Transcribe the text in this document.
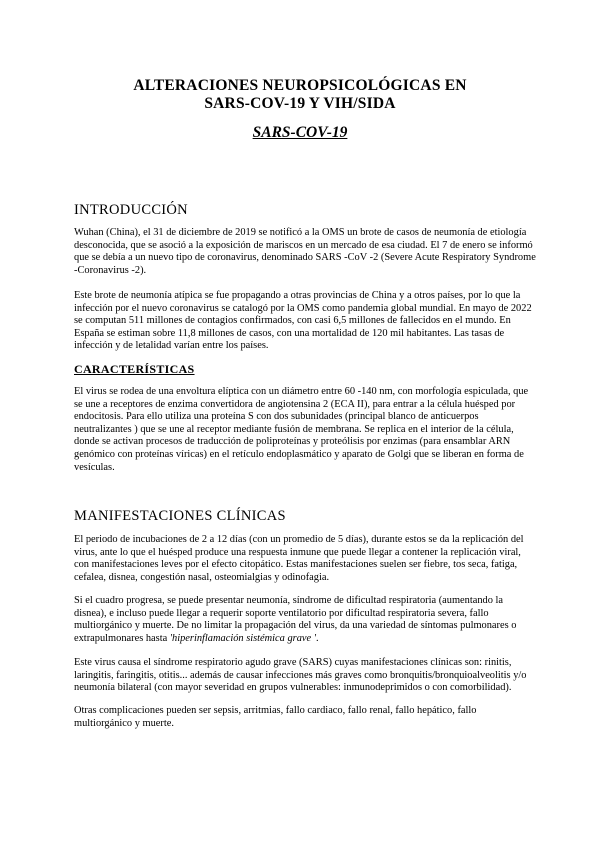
ALTERACIONES NEUROPSICOLÓGICAS EN
SARS-COV-19 Y VIH/SIDA
SARS-COV-19
INTRODUCCIÓN
Wuhan (China), el 31 de diciembre de 2019 se notificó a la OMS un brote de casos de neumonía de etiología desconocida, que se asoció a la exposición de mariscos en un mercado de esa ciudad. El 7 de enero se informó que se debía a un nuevo tipo de coronavirus, denominado SARS -CoV -2 (Severe Acute Respiratory Syndrome -Coronavirus -2).
Este brote de neumonía atípica se fue propagando a otras provincias de China y a otros países, por lo que la infección por el nuevo coronavirus se catalogó por la OMS como pandemia global mundial. En mayo de 2022 se computan 511 millones de contagios confirmados, con casi 6,5 millones de fallecidos en el mundo. En España se estiman sobre 11,8 millones de casos, con una mortalidad de 120 mil habitantes. Las tasas de infección y de letalidad varían entre los países.
CARACTERÍSTICAS
El virus se rodea de una envoltura elíptica con un diámetro entre 60 -140 nm, con morfología espiculada, que se une a receptores de enzima convertidora de angiotensina 2 (ECA II), para entrar a la célula huésped por endocitosis. Para ello utiliza una proteína S con dos subunidades (principal blanco de anticuerpos neutralizantes ) que se une al receptor mediante fusión de membrana. Se replica en el interior de la célula, donde se activan procesos de traducción de poliproteínas y proteólisis por enzimas (para ensamblar ARN genómico con proteínas víricas) en el retículo endoplasmático y aparato de Golgi que se liberan en forma de vesículas.
MANIFESTACIONES CLÍNICAS
El periodo de incubaciones de 2 a 12 días (con un promedio de 5 días), durante estos se da la replicación del virus, ante lo que el huésped produce una respuesta inmune que puede llegar a contener la replicación viral, con manifestaciones leves por el efecto citopático. Estas manifestaciones suelen ser fiebre, tos seca, fatiga, cefalea, disnea, congestión nasal, osteomialgias y odinofagia.
Si el cuadro progresa, se puede presentar neumonía, síndrome de dificultad respiratoria (aumentando la disnea), e incluso puede llegar a requerir soporte ventilatorio por dificultad respiratoria severa, fallo multiorgánico y muerte. De no limitar la propagación del virus, da una variedad de síntomas pulmonares o extrapulmonares hasta 'hiperinflamación sistémica grave '.
Este virus causa el síndrome respiratorio agudo grave (SARS) cuyas manifestaciones clínicas son: rinitis, laringitis, faringitis, otitis... además de causar infecciones más graves como bronquitis/bronquioalveolitis y/o neumonía bilateral (con mayor severidad en grupos vulnerables: inmunodeprimidos o con comorbilidad).
Otras complicaciones pueden ser sepsis, arritmias, fallo cardiaco, fallo renal, fallo hepático, fallo multiorgánico y muerte.
